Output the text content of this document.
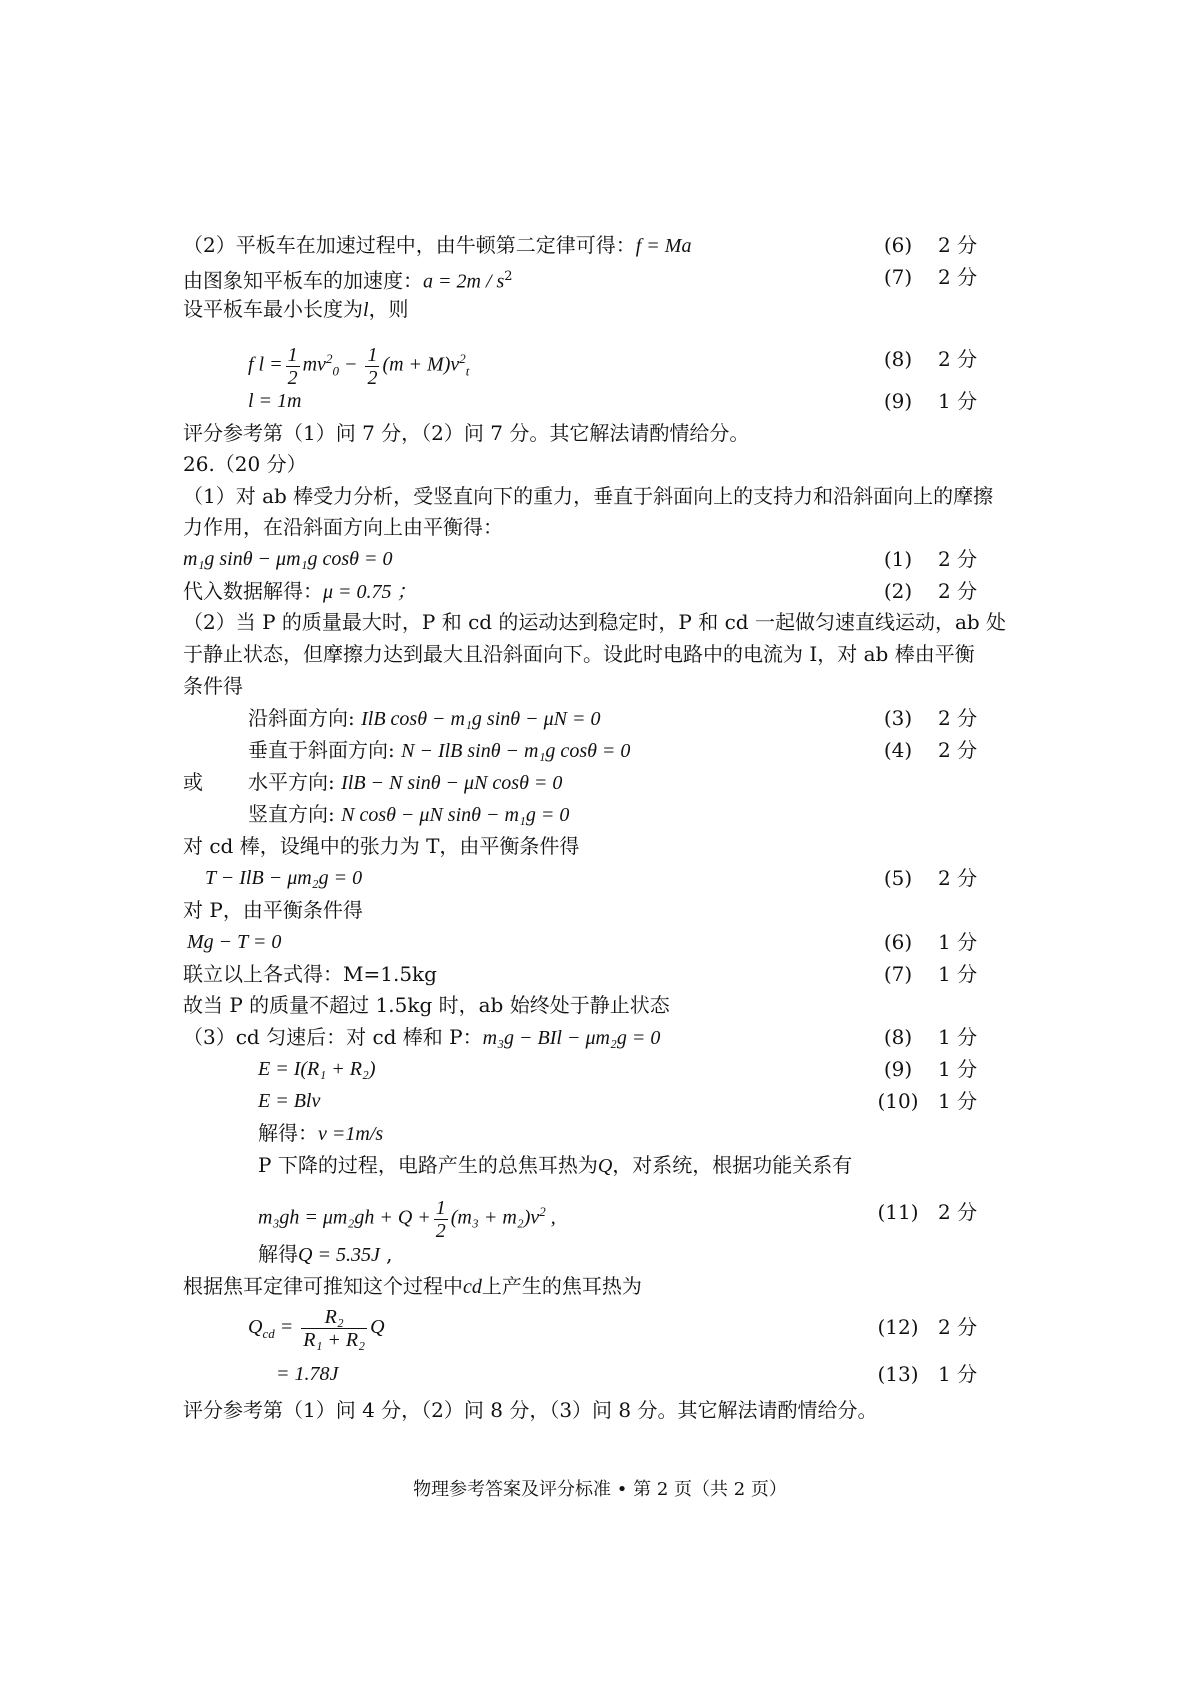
（2）平板车在加速过程中，由牛顿第二定律可得：f = Ma	(6)	2 分
由图象知平板车的加速度：$a = 2m / s^2$	(7)	2 分
设平板车最小长度为l，则
f $l = \frac{1}{2} mv^2_0 - \frac{1}{2} (m + M)v^2_t$
(8)	2 分
l = 1m	(9)	1 分
评分参考第（1）问 7 分，（2）问 7 分。其它解法请酌情给分。
26.（20 分）
（1）对 ab 棒受力分析，受竖直向下的重力，垂直于斜面向上的支持力和沿斜面向上的摩擦
力作用，在沿斜面方向上由平衡得：
m₁g sinθ − μm₁g cosθ = 0	(1)	2 分
代入数据解得：μ = 0.75 ；	(2)	2 分
（2）当 P 的质量最大时，P 和 cd 的运动达到稳定时，P 和 cd 一起做匀速直线运动，ab 处
于静止状态，但摩擦力达到最大且沿斜面向下。设此时电路中的电流为 I，对 ab 棒由平衡
条件得
沿斜面方向: IlB cosθ − m₁g sinθ − μN = 0	(3)	2 分
垂直于斜面方向: N − IlB sinθ − m₁g cosθ = 0	(4)	2 分
或 水平方向: IlB − N sinθ − μN cosθ = 0
竖直方向: N cosθ − μN sinθ − m₁g = 0
对 cd 棒，设绳中的张力为 T，由平衡条件得
T − IlB − μm₂g = 0	(5)	2 分
对 P，由平衡条件得
Mg − T = 0	(6)	1 分
联立以上各式得：M=1.5kg	(7)	1 分
故当 P 的质量不超过 1.5kg 时，ab 始终处于静止状态
（3）cd 匀速后：对 cd 棒和 P：m₃g − BIl − μm₂g = 0	(8)	1 分
E = I(R₁ + R₂)	(9)	1 分
E = Blv	(10) 1 分
解得：v =1m/s
P 下降的过程，电路产生的总焦耳热为Q，对系统，根据功能关系有
$m_3gh = \mu m_2gh + Q + \frac{1}{2} (m_3 + m_2)v^2$ ,	(11) 2 分
解得Q = 5.35J ,
根据焦耳定律可推知这个过程中cd上产生的焦耳热为
$Q_{cd} = \frac{\text{R₂}}{\text{R₁ + R₂}}$ Q	(12) 2 分
= 1.78J	(13) 1 分
评分参考第（1）问 4 分，（2）问 8 分，（3）问 8 分。其它解法请酌情给分。
物理参考答案及评分标准 • 第 2 页（共 2 页）
